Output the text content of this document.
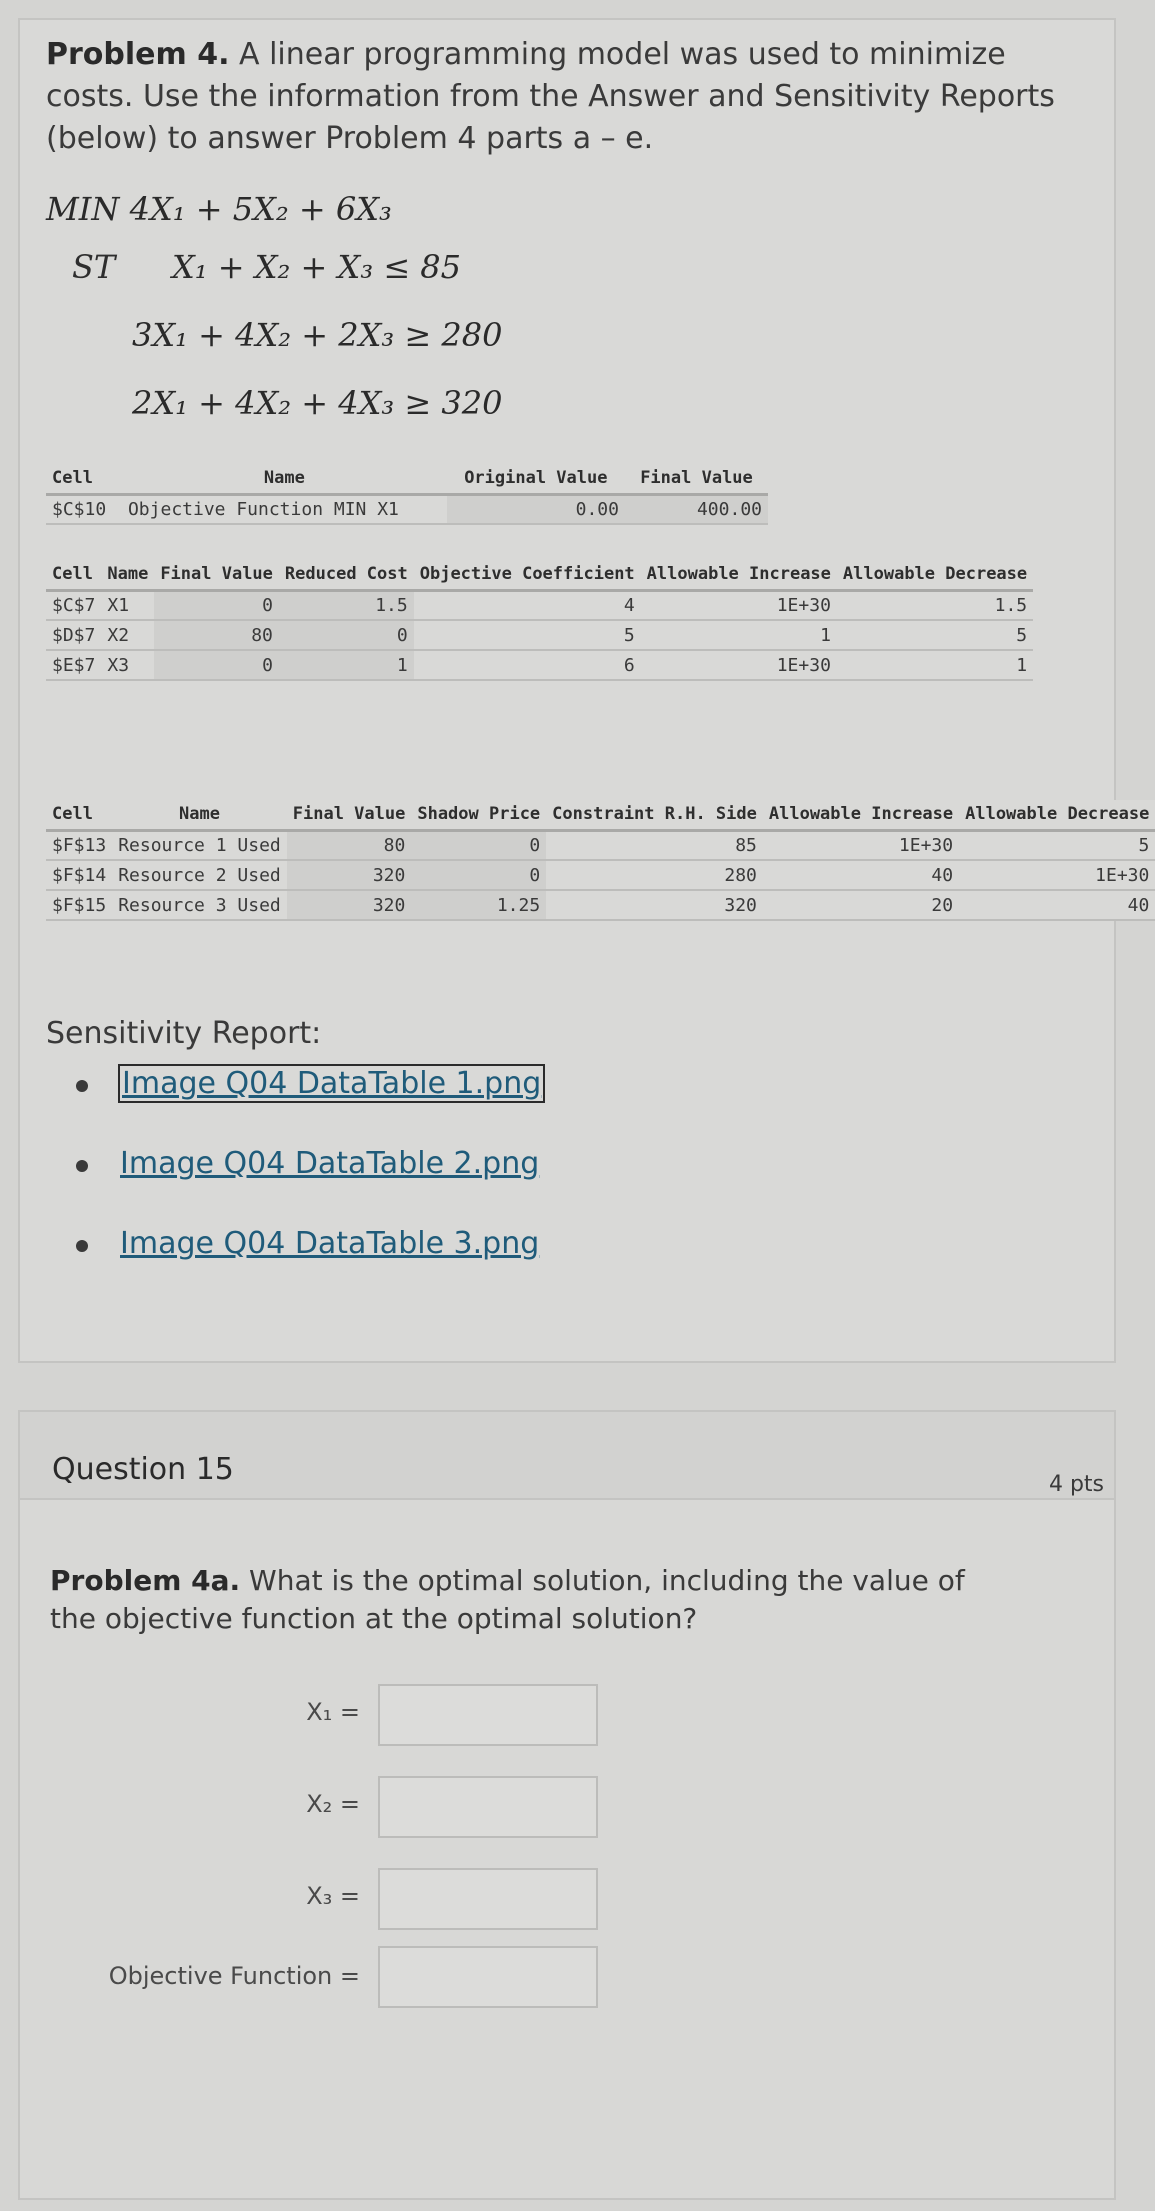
Problem 4. A linear programming model was used to minimize costs. Use the information from the Answer and Sensitivity Reports (below) to answer Problem 4 parts a – e.
MIN 4X₁ + 5X₂ + 6X₃
ST X₁ + X₂ + X₃ ≤ 85
3X₁ + 4X₂ + 2X₃ ≥ 280
2X₁ + 4X₂ + 4X₃ ≥ 320
Cell	Name	Original Value	Final Value
$C$10	Objective Function MIN X1	0.00	400.00
Cell	Name	Final Value	Reduced Cost	Objective Coefficient	Allowable Increase	Allowable Decrease
$C$7	X1	0	1.5	4	1E+30	1.5
$D$7	X2	80	0	5	1	5
$E$7	X3	0	1	6	1E+30	1
Cell	Name	Final Value	Shadow Price	Constraint R.H. Side	Allowable Increase	Allowable Decrease
$F$13	Resource 1 Used	80	0	85	1E+30	5
$F$14	Resource 2 Used	320	0	280	40	1E+30
$F$15	Resource 3 Used	320	1.25	320	20	40
Sensitivity Report:
Image Q04 DataTable 1.png
Image Q04 DataTable 2.png
Image Q04 DataTable 3.png
Question 15	4 pts
Problem 4a. What is the optimal solution, including the value of the objective function at the optimal solution?
X₁ =
X₂ =
X₃ =
Objective Function =
